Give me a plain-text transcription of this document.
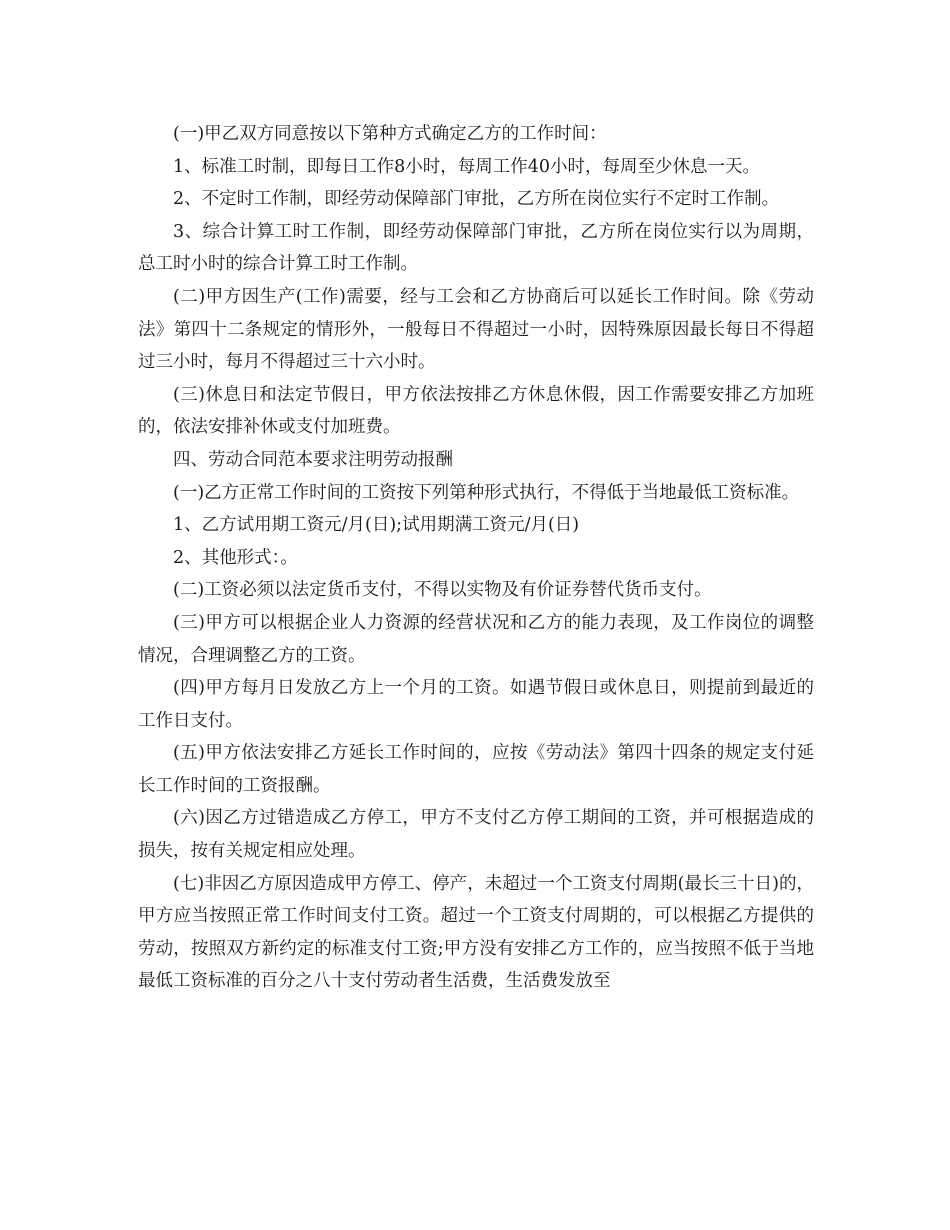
(一)甲乙双方同意按以下第种方式确定乙方的工作时间：

1、标准工时制，即每日工作8小时，每周工作40小时，每周至少休息一天。

2、不定时工作制，即经劳动保障部门审批，乙方所在岗位实行不定时工作制。

3、综合计算工时工作制，即经劳动保障部门审批，乙方所在岗位实行以为周期，总工时小时的综合计算工时工作制。

(二)甲方因生产(工作)需要，经与工会和乙方协商后可以延长工作时间。除《劳动法》第四十二条规定的情形外，一般每日不得超过一小时，因特殊原因最长每日不得超过三小时，每月不得超过三十六小时。

(三)休息日和法定节假日，甲方依法按排乙方休息休假，因工作需要安排乙方加班的，依法安排补休或支付加班费。

四、劳动合同范本要求注明劳动报酬

(一)乙方正常工作时间的工资按下列第种形式执行，不得低于当地最低工资标准。

1、乙方试用期工资元/月(日);试用期满工资元/月(日)

2、其他形式：。

(二)工资必须以法定货币支付，不得以实物及有价证券替代货币支付。

(三)甲方可以根据企业人力资源的经营状况和乙方的能力表现，及工作岗位的调整情况，合理调整乙方的工资。

(四)甲方每月日发放乙方上一个月的工资。如遇节假日或休息日，则提前到最近的 工作日支付。

(五)甲方依法安排乙方延长工作时间的，应按《劳动法》第四十四条的规定支付延长工作时间的工资报酬。

(六)因乙方过错造成乙方停工，甲方不支付乙方停工期间的工资，并可根据造成的损失，按有关规定相应处理。

(七)非因乙方原因造成甲方停工、停产，未超过一个工资支付周期(最长三十日)的，甲方应当按照正常工作时间支付工资。超过一个工资支付周期的，可以根据乙方提供的劳动，按照双方新约定的标准支付工资;甲方没有安排乙方工作的，应当按照不低于当地最低工资标准的百分之八十支付劳动者生活费，生活费发放至
